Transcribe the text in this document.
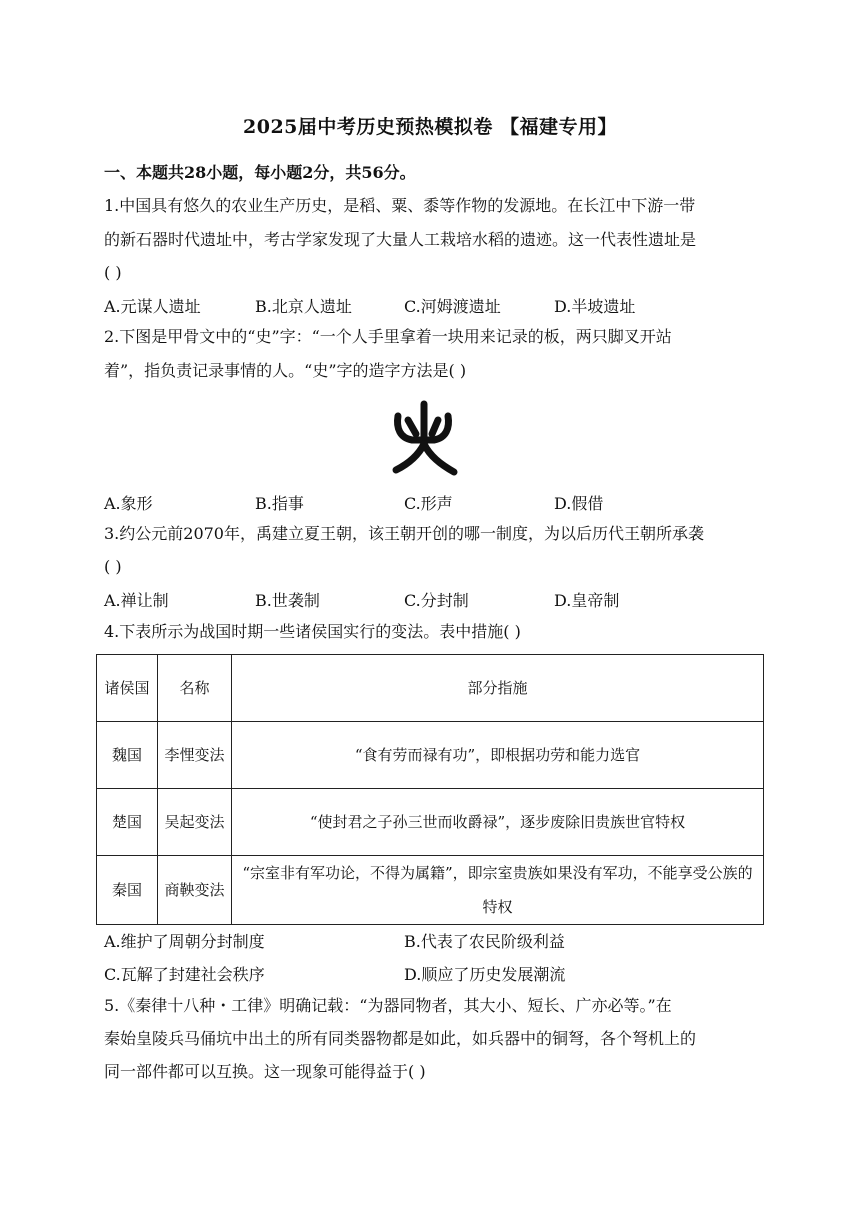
2025届中考历史预热模拟卷 【福建专用】
一、本题共28小题，每小题2分，共56分。
1.中国具有悠久的农业生产历史，是稻、粟、黍等作物的发源地。在长江中下游一带
的新石器时代遗址中，考古学家发现了大量人工栽培水稻的遗迹。这一代表性遗址是
( )
A.元谋人遗址	B.北京人遗址	C.河姆渡遗址	D.半坡遗址
2.下图是甲骨文中的“史”字：“一个人手里拿着一块用来记录的板，两只脚叉开站
着”，指负责记录事情的人。“史”字的造字方法是( )
A.象形	B.指事	C.形声	D.假借
3.约公元前2070年，禹建立夏王朝，该王朝开创的哪一制度，为以后历代王朝所承袭
( )
A.禅让制	B.世袭制	C.分封制	D.皇帝制
4.下表所示为战国时期一些诸侯国实行的变法。表中措施( )
诸侯国	名称	部分指施
魏国	李悝变法	“食有劳而禄有功”，即根据功劳和能力选官
楚国	吴起变法	“使封君之子孙三世而收爵禄”，逐步废除旧贵族世官特权
秦国	商鞅变法	“宗室非有军功论，不得为属籍”，即宗室贵族如果没有军功，不能享受公族的特权
A.维护了周朝分封制度	B.代表了农民阶级利益
C.瓦解了封建社会秩序	D.顺应了历史发展潮流
5.《秦律十八种・工律》明确记载：“为器同物者，其大小、短长、广亦必等。”在
秦始皇陵兵马俑坑中出土的所有同类器物都是如此，如兵器中的铜弩，各个弩机上的
同一部件都可以互换。这一现象可能得益于( )
